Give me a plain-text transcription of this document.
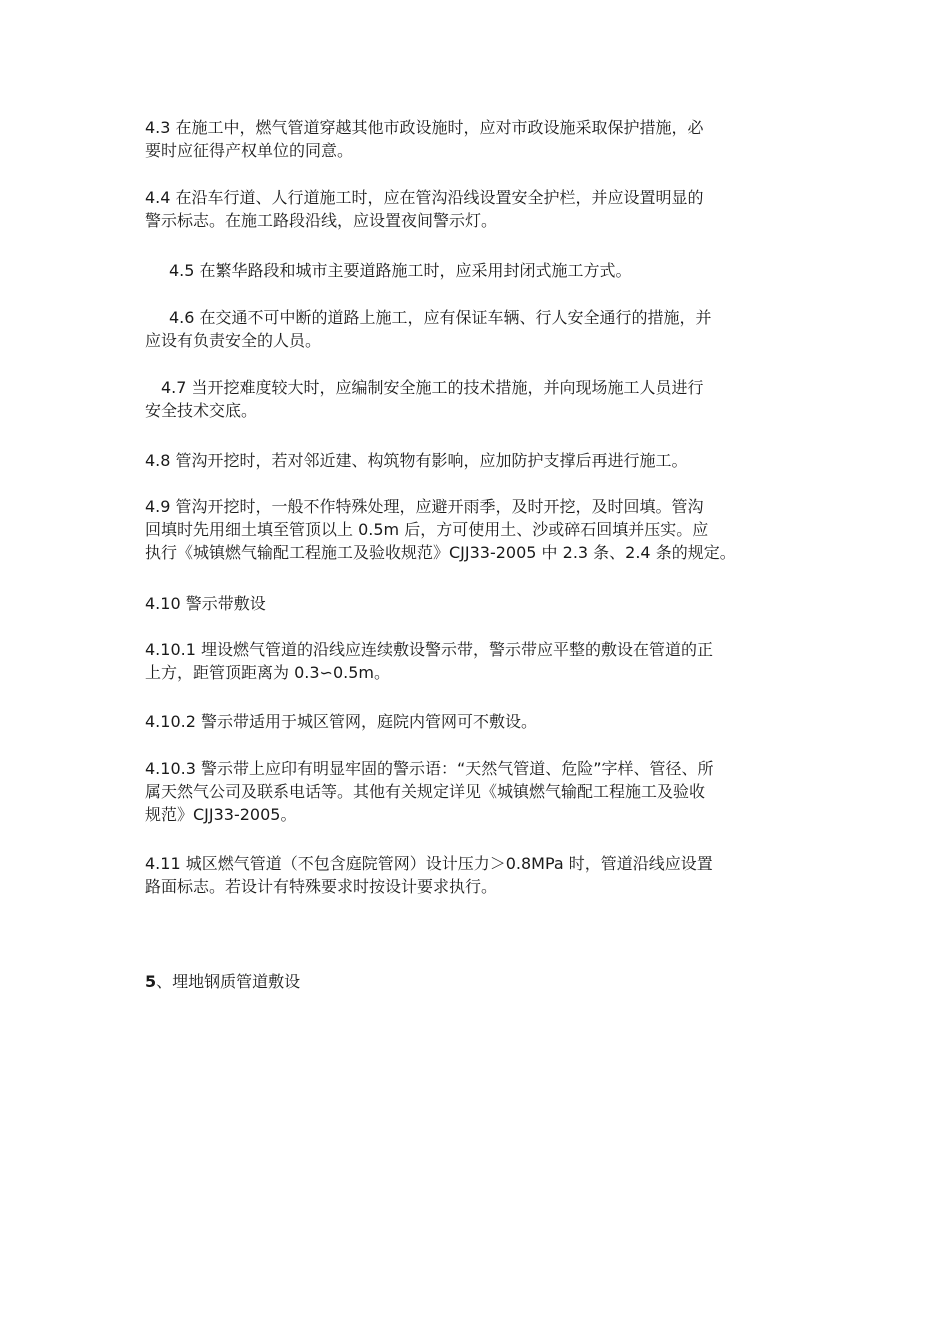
4.3 在施工中，燃气管道穿越其他市政设施时，应对市政设施采取保护措施，必
要时应征得产权单位的同意。

4.4 在沿车行道、人行道施工时，应在管沟沿线设置安全护栏，并应设置明显的
警示标志。在施工路段沿线，应设置夜间警示灯。

4.5 在繁华路段和城市主要道路施工时，应采用封闭式施工方式。

4.6 在交通不可中断的道路上施工，应有保证车辆、行人安全通行的措施，并
应设有负责安全的人员。

4.7 当开挖难度较大时，应编制安全施工的技术措施，并向现场施工人员进行
安全技术交底。

4.8 管沟开挖时，若对邻近建、构筑物有影响，应加防护支撑后再进行施工。

4.9 管沟开挖时，一般不作特殊处理，应避开雨季，及时开挖，及时回填。管沟
回填时先用细土填至管顶以上 0.5m 后，方可使用土、沙或碎石回填并压实。应
执行《城镇燃气输配工程施工及验收规范》CJJ33-2005 中 2.3 条、2.4 条的规定。

4.10 警示带敷设

4.10.1 埋设燃气管道的沿线应连续敷设警示带，警示带应平整的敷设在管道的正
上方，距管顶距离为 0.3∽0.5m。

4.10.2 警示带适用于城区管网，庭院内管网可不敷设。

4.10.3 警示带上应印有明显牢固的警示语：“天然气管道、危险”字样、管径、所
属天然气公司及联系电话等。其他有关规定详见《城镇燃气输配工程施工及验收
规范》CJJ33-2005。

4.11 城区燃气管道（不包含庭院管网）设计压力＞0.8MPa 时，管道沿线应设置
路面标志。若设计有特殊要求时按设计要求执行。

5、埋地钢质管道敷设
